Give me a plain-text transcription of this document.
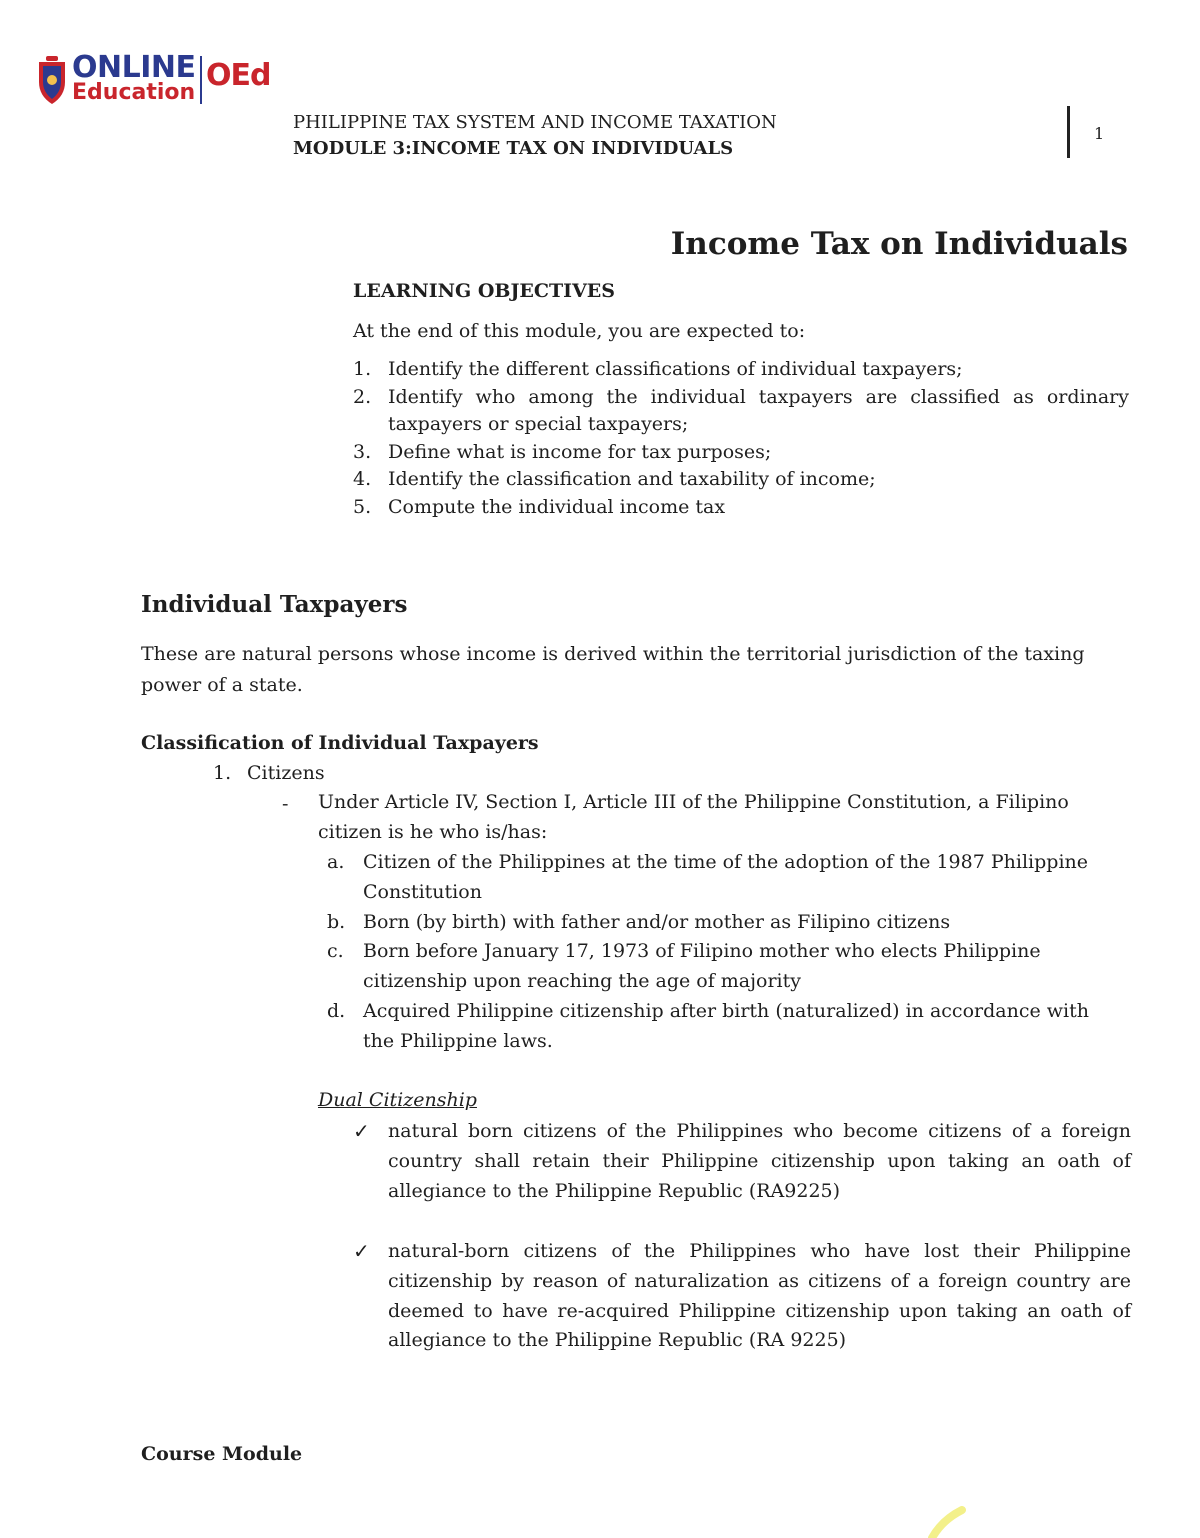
ONLINE
Education OEd
PHILIPPINE TAX SYSTEM AND INCOME TAXATION
MODULE 3:INCOME TAX ON INDIVIDUALS
1
Income Tax on Individuals
LEARNING OBJECTIVES
At the end of this module, you are expected to:
1. Identify the different classifications of individual taxpayers;
2. Identify who among the individual taxpayers are classified as ordinary taxpayers or special taxpayers;
3. Define what is income for tax purposes;
4. Identify the classification and taxability of income;
5. Compute the individual income tax
Individual Taxpayers
These are natural persons whose income is derived within the territorial jurisdiction of the taxing power of a state.
Classification of Individual Taxpayers
1. Citizens
- Under Article IV, Section I, Article III of the Philippine Constitution, a Filipino citizen is he who is/has:
a. Citizen of the Philippines at the time of the adoption of the 1987 Philippine Constitution
b. Born (by birth) with father and/or mother as Filipino citizens
c. Born before January 17, 1973 of Filipino mother who elects Philippine citizenship upon reaching the age of majority
d. Acquired Philippine citizenship after birth (naturalized) in accordance with the Philippine laws.
Dual Citizenship
✓ natural born citizens of the Philippines who become citizens of a foreign country shall retain their Philippine citizenship upon taking an oath of allegiance to the Philippine Republic (RA9225)
✓ natural-born citizens of the Philippines who have lost their Philippine citizenship by reason of naturalization as citizens of a foreign country are deemed to have re-acquired Philippine citizenship upon taking an oath of allegiance to the Philippine Republic (RA 9225)
Course Module
